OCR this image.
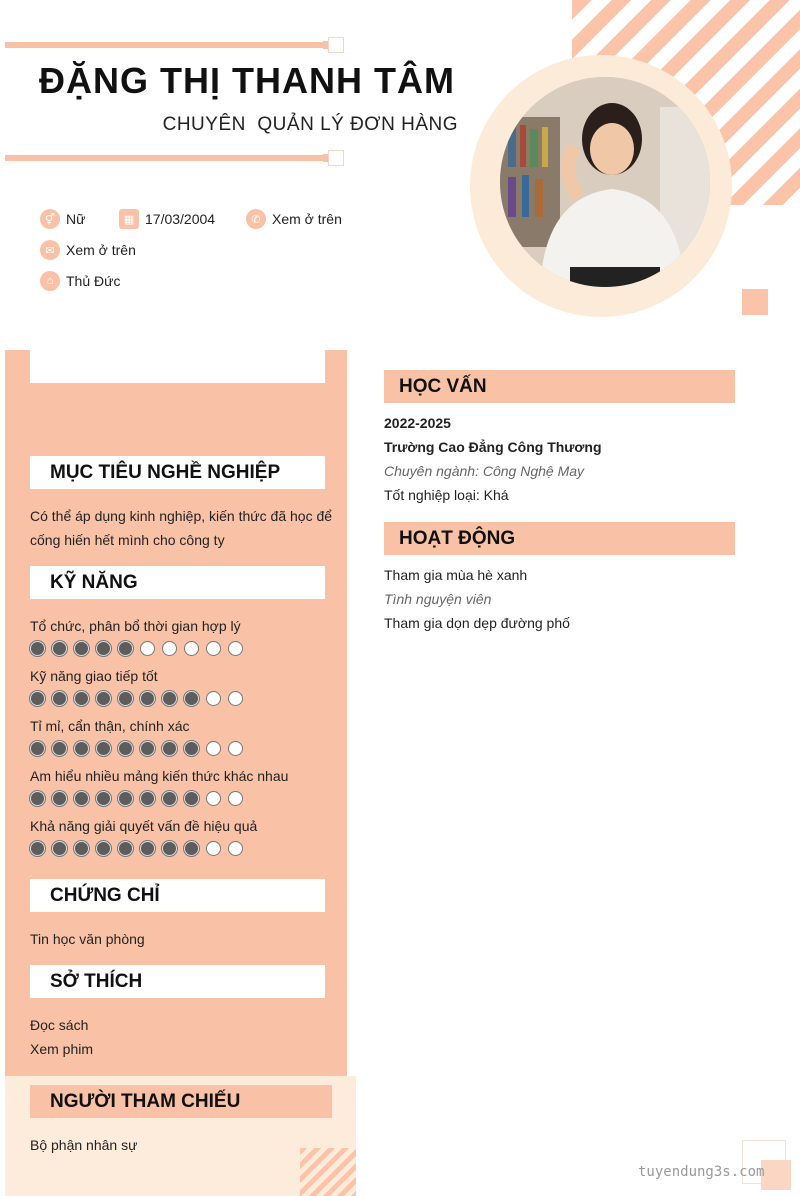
ĐẶNG THỊ THANH TÂM
CHUYÊN  QUẢN LÝ ĐƠN HÀNG
⚥ Nữ	▦ 17/03/2004	✆ Xem ở trên
✉ Xem ở trên
⌂ Thủ Đức
MỤC TIÊU NGHỀ NGHIỆP
Có thể áp dụng kinh nghiệp, kiến thức đã học để cống hiến hết mình cho công ty
KỸ NĂNG
Tổ chức, phân bổ thời gian hợp lý
Kỹ năng giao tiếp tốt
Tỉ mỉ, cẩn thận, chính xác
Am hiểu nhiều mảng kiến thức khác nhau
Khả năng giải quyết vấn đề hiệu quả
CHỨNG CHỈ
Tin học văn phòng
SỞ THÍCH
Đọc sách
Xem phim
NGƯỜI THAM CHIẾU
Bộ phận nhân sự
HỌC VẤN
2022-2025
Trường Cao Đẳng Công Thương
Chuyên ngành: Công Nghệ May
Tốt nghiệp loại: Khá
HOẠT ĐỘNG
Tham gia mùa hè xanh
Tình nguyện viên
Tham gia dọn dẹp đường phố
tuyendung3s.com
